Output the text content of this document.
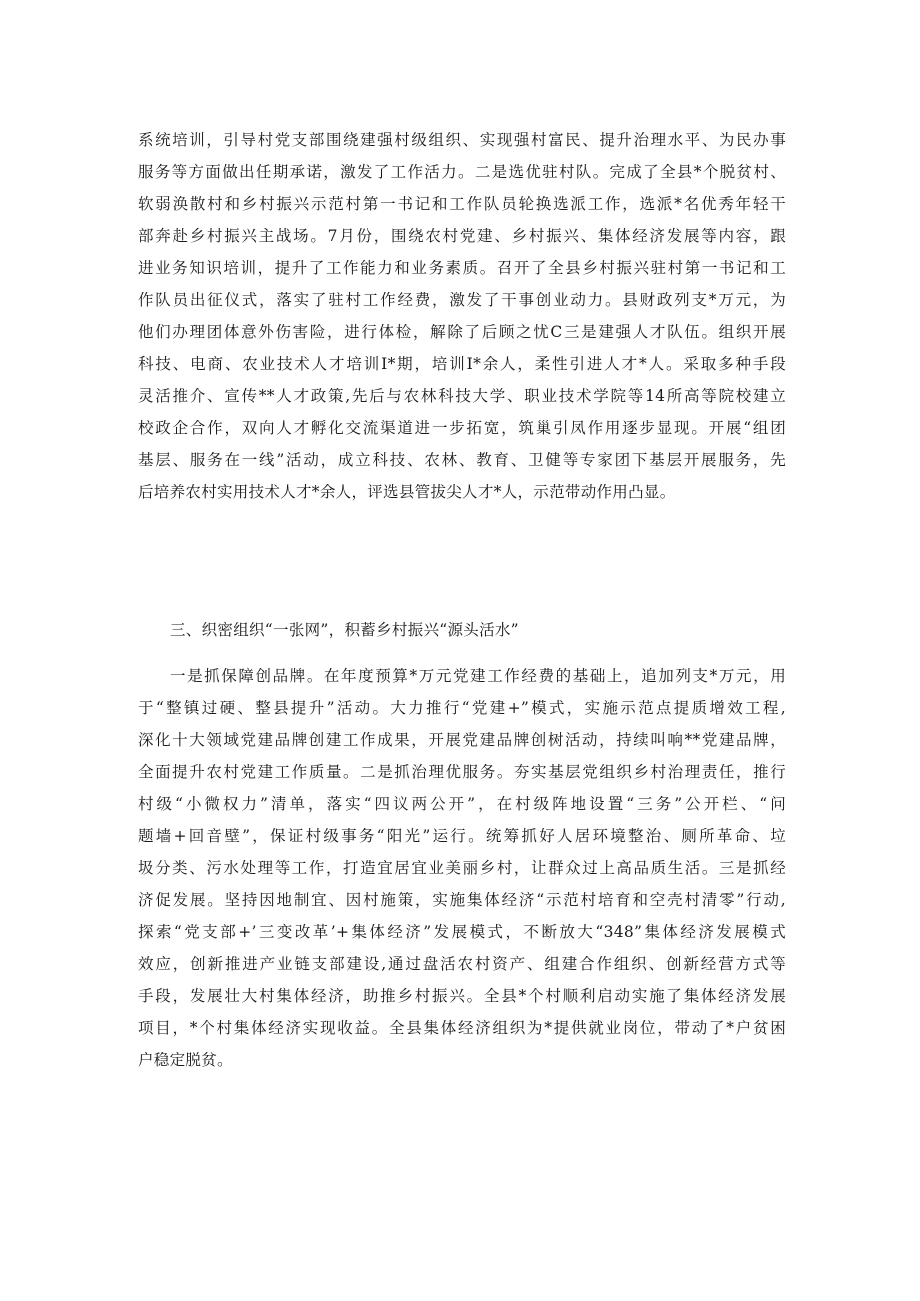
系统培训，引导村党支部围绕建强村级组织、实现强村富民、提升治理水平、为民办事
服务等方面做出任期承诺，激发了工作活力。二是选优驻村队。完成了全县*个脱贫村、
软弱涣散村和乡村振兴示范村第一书记和工作队员轮换选派工作，选派*名优秀年轻干
部奔赴乡村振兴主战场。7月份，围绕农村党建、乡村振兴、集体经济发展等内容，跟
进业务知识培训，提升了工作能力和业务素质。召开了全县乡村振兴驻村第一书记和工
作队员出征仪式，落实了驻村工作经费，激发了干事创业动力。县财政列支*万元，为
他们办理团体意外伤害险，进行体检，解除了后顾之忧C三是建强人才队伍。组织开展
科技、电商、农业技术人才培训I*期，培训I*余人，柔性引进人才*人。采取多种手段
灵活推介、宣传**人才政策,先后与农林科技大学、职业技术学院等14所高等院校建立
校政企合作，双向人才孵化交流渠道进一步拓宽，筑巢引凤作用逐步显现。开展“组团
基层、服务在一线”活动，成立科技、农林、教育、卫健等专家团下基层开展服务，先
后培养农村实用技术人才*余人，评选县管拔尖人才*人，示范带动作用凸显。
三、织密组织“一张网”，积蓄乡村振兴“源头活水”
一是抓保障创品牌。在年度预算*万元党建工作经费的基础上，追加列支*万元，用
于“整镇过硬、整县提升”活动。大力推行“党建+”模式，实施示范点提质增效工程,
深化十大领域党建品牌创建工作成果，开展党建品牌创树活动，持续叫响**党建品牌，
全面提升农村党建工作质量。二是抓治理优服务。夯实基层党组织乡村治理责任，推行
村级“小微权力”清单，落实“四议两公开”，在村级阵地设置“三务”公开栏、“问
题墙+回音壁”，保证村级事务“阳光”运行。统筹抓好人居环境整治、厕所革命、垃
圾分类、污水处理等工作，打造宜居宜业美丽乡村，让群众过上高品质生活。三是抓经
济促发展。坚持因地制宜、因村施策，实施集体经济“示范村培育和空壳村清零”行动,
探索“党支部+’三变改革’+集体经济”发展模式，不断放大“348”集体经济发展模式
效应，创新推进产业链支部建设,通过盘活农村资产、组建合作组织、创新经营方式等
手段，发展壮大村集体经济，助推乡村振兴。全县*个村顺利启动实施了集体经济发展
项目，*个村集体经济实现收益。全县集体经济组织为*提供就业岗位，带动了*户贫困
户稳定脱贫。
